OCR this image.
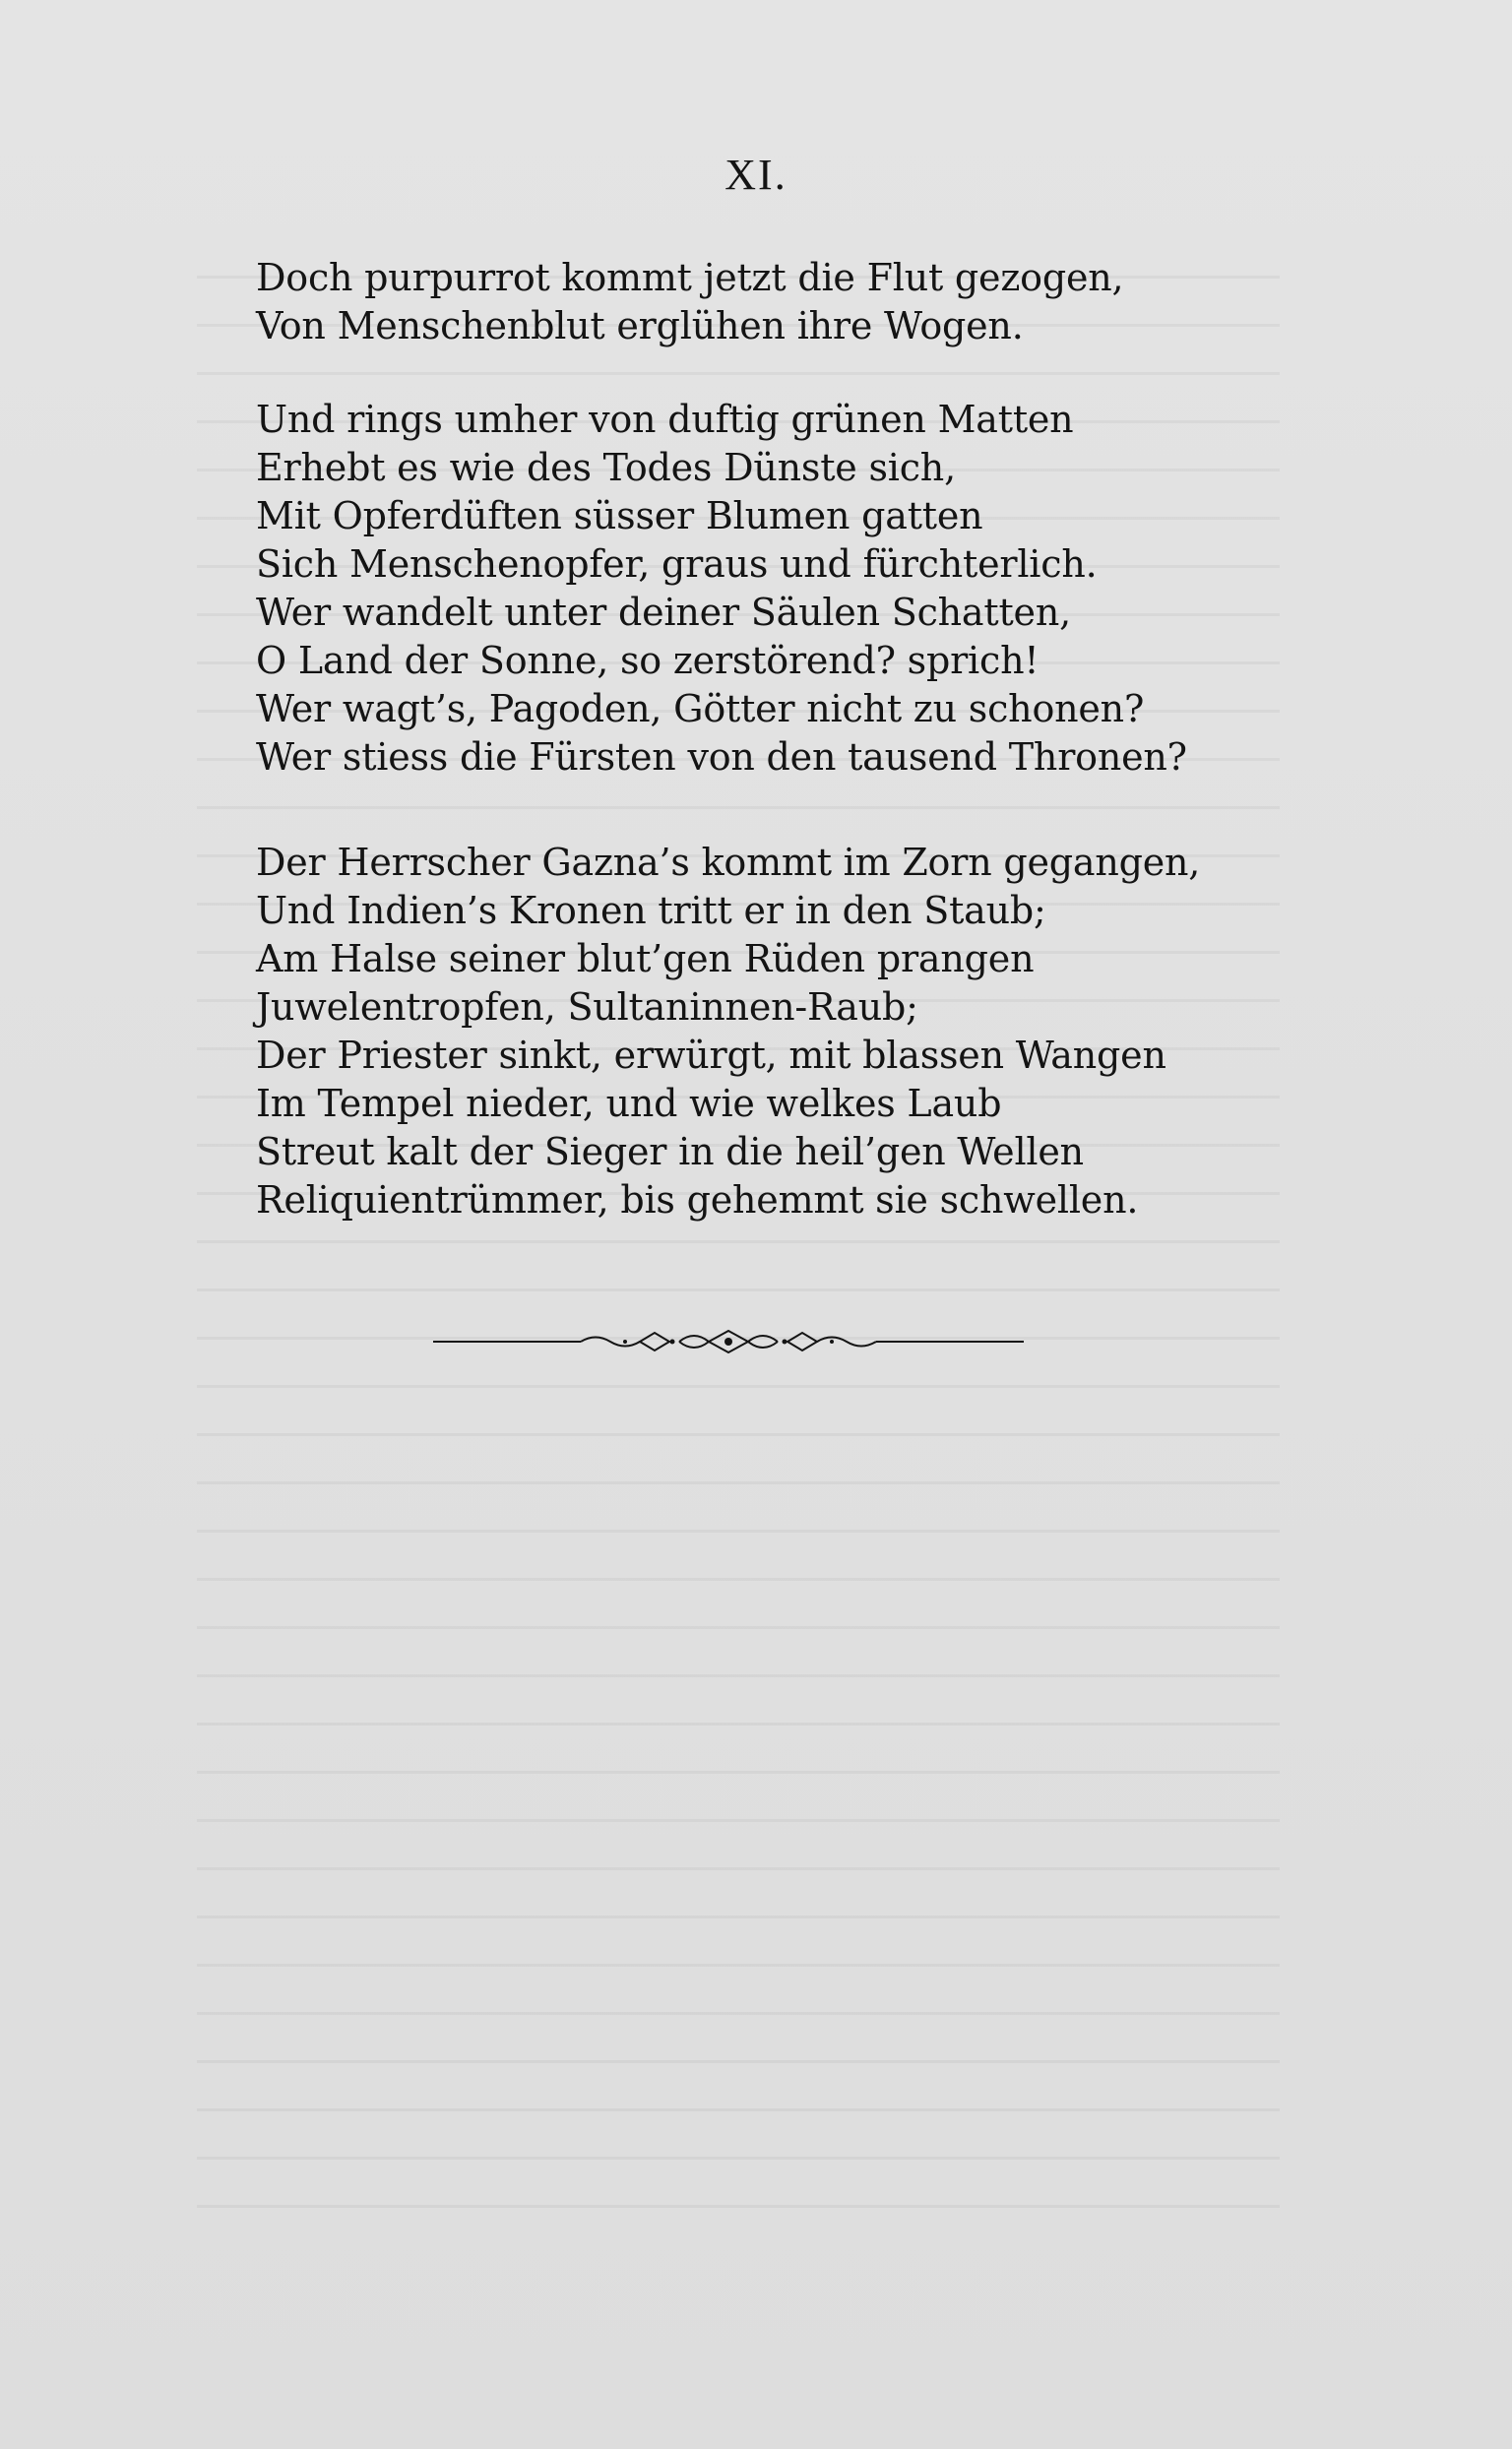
XI.
Doch purpurrot kommt jetzt die Flut gezogen,
Von Menschenblut erglühen ihre Wogen.
Und rings umher von duftig grünen Matten
Erhebt es wie des Todes Dünste sich,
Mit Opferdüften süsser Blumen gatten
Sich Menschenopfer, graus und fürchterlich.
Wer wandelt unter deiner Säulen Schatten,
O Land der Sonne, so zerstörend? sprich!
Wer wagt’s, Pagoden, Götter nicht zu schonen?
Wer stiess die Fürsten von den tausend Thronen?
Der Herrscher Gazna’s kommt im Zorn gegangen,
Und Indien’s Kronen tritt er in den Staub;
Am Halse seiner blut’gen Rüden prangen
Juwelentropfen, Sultaninnen-Raub;
Der Priester sinkt, erwürgt, mit blassen Wangen
Im Tempel nieder, und wie welkes Laub
Streut kalt der Sieger in die heil’gen Wellen
Reliquientrümmer, bis gehemmt sie schwellen.
